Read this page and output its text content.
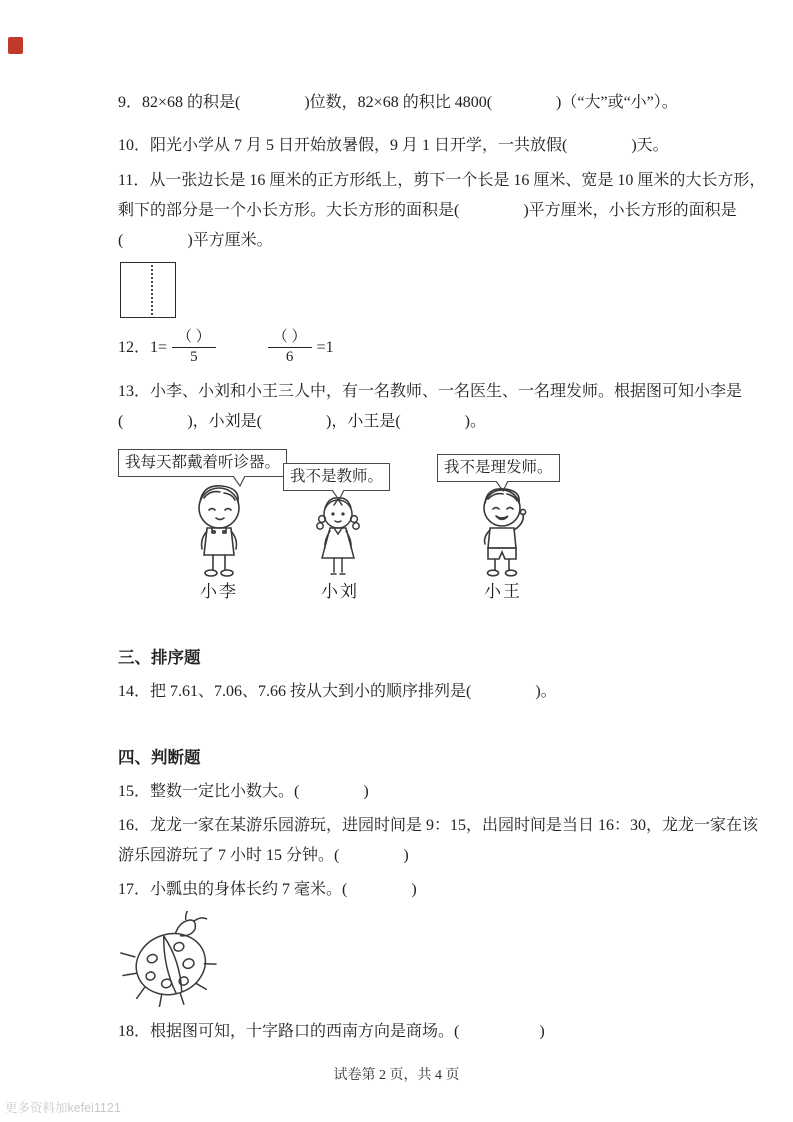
9．82×68 的积是(　　　　)位数，82×68 的积比 4800(　　　　)（“大”或“小”）。

10．阳光小学从 7 月 5 日开始放暑假，9 月 1 日开学，一共放假(　　　　)天。

11．从一张边长是 16 厘米的正方形纸上，剪下一个长是 16 厘米、宽是 10 厘米的大长方形，

剩下的部分是一个小长方形。大长方形的面积是(　　　　)平方厘米，小长方形的面积是

(　　　　)平方厘米。

12．$1= \frac{( )}{5}$	$\frac{( )}{6} =1$

13．小李、小刘和小王三人中，有一名教师、一名医生、一名理发师。根据图可知小李是

(　　　　)，小刘是(　　　　)，小王是(　　　　)。

我每天都戴着听诊器。
小李
我不是教师。
小刘
我不是理发师。
小王

三、排序题

14．把 7.61、7.06、7.66 按从大到小的顺序排列是(　　　　)。

四、判断题

15．整数一定比小数大。(　　　　)

16．龙龙一家在某游乐园游玩，进园时间是 9：15，出园时间是当日 16：30，龙龙一家在该

游乐园游玩了 7 小时 15 分钟。(　　　　)

17．小瓢虫的身体长约 7 毫米。(　　　　)

18．根据图可知，十字路口的西南方向是商场。(　　　　　)

试卷第 2 页，共 4 页
更多资料加kefei1121
